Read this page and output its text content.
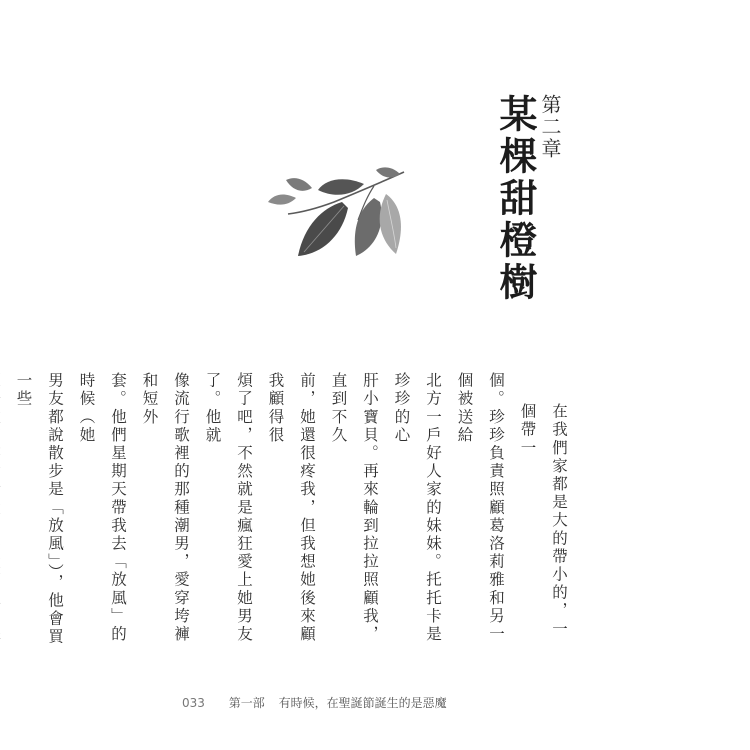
第二章
某棵甜橙樹

在我們家都是大的帶小的，一個帶一
個。珍珍負責照顧葛洛莉雅和另一個被送給
北方一戶好人家的妹妹。托托卡是珍珍的心
肝小寶貝。再來輪到拉拉照顧我，直到不久
前，她還很疼我，但我想她後來顧我顧得很
煩了吧，不然就是瘋狂愛上她男友了。他就
像流行歌裡的那種潮男，愛穿垮褲和短外
套。他們星期天帶我去「放風」的時候（她
男友都說散步是「放風」），他會買一些

033 第一部 有時候，在聖誕節誕生的是惡魔
